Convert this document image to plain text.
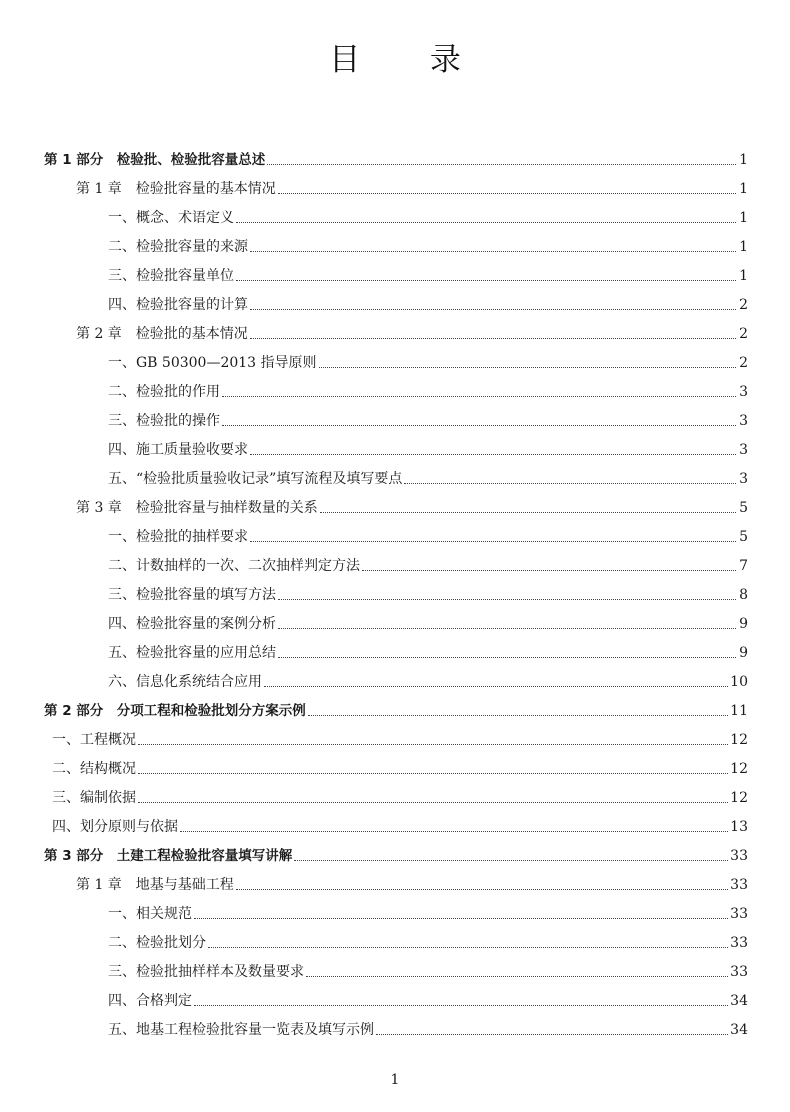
目 录
第 1 部分　检验批、检验批容量总述	1
第 1 章　检验批容量的基本情况	1
一、概念、术语定义	1
二、检验批容量的来源	1
三、检验批容量单位	1
四、检验批容量的计算	2
第 2 章　检验批的基本情况	2
一、GB 50300—2013 指导原则	2
二、检验批的作用	3
三、检验批的操作	3
四、施工质量验收要求	3
五、“检验批质量验收记录”填写流程及填写要点	3
第 3 章　检验批容量与抽样数量的关系	5
一、检验批的抽样要求	5
二、计数抽样的一次、二次抽样判定方法	7
三、检验批容量的填写方法	8
四、检验批容量的案例分析	9
五、检验批容量的应用总结	9
六、信息化系统结合应用	10
第 2 部分　分项工程和检验批划分方案示例	11
一、工程概况	12
二、结构概况	12
三、编制依据	12
四、划分原则与依据	13
第 3 部分　土建工程检验批容量填写讲解	33
第 1 章　地基与基础工程	33
一、相关规范	33
二、检验批划分	33
三、检验批抽样样本及数量要求	33
四、合格判定	34
五、地基工程检验批容量一览表及填写示例	34
1
